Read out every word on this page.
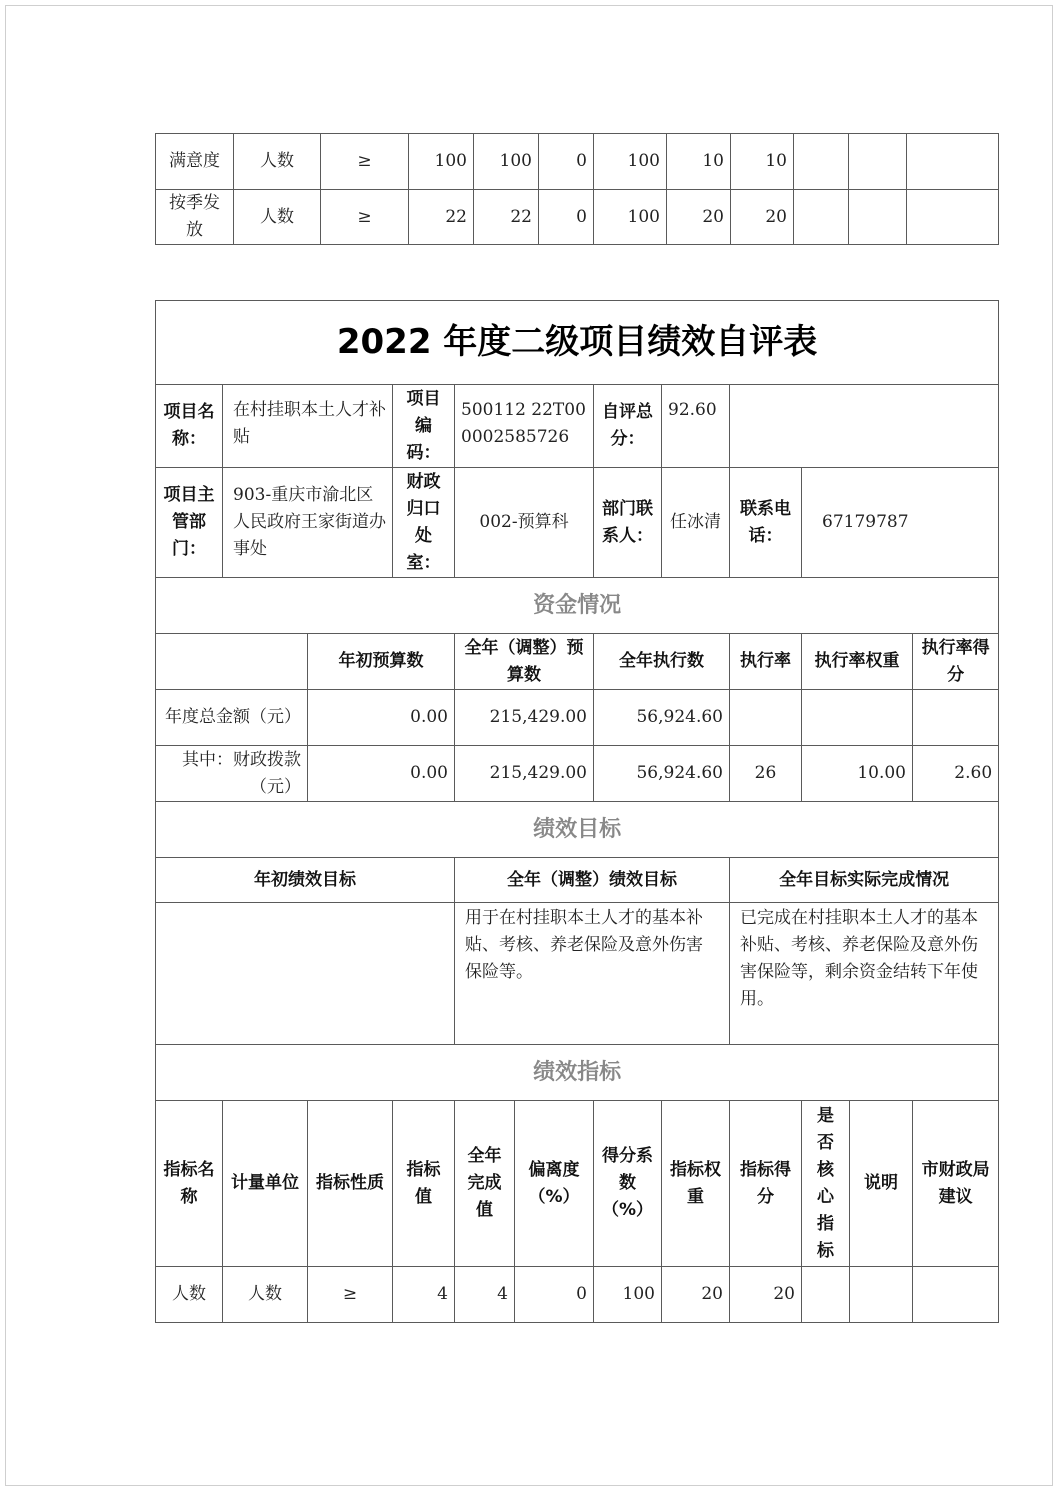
满意度	人数	≥	100	100	0	100	10	10			
按季发放	人数	≥	22	22	0	100	20	20			
2022 年度二级项目绩效自评表											
项目名称：	在村挂职本土人才补贴		项目编码：	500112 22T000002585726		自评总分：	92.60				
项目主管部门：	903-重庆市渝北区人民政府王家街道办事处		财政归口处室：	002-预算科		部门联系人：	任冰清	联系电话：	67179787		
资金情况											
		年初预算数		全年（调整）预算数		全年执行数		执行率	执行率权重		执行率得分
年度总金额（元）		0.00		215,429.00		56,924.60					
其中：财政拨款（元）		0.00		215,429.00		56,924.60		26	10.00		2.60
绩效目标											
年初绩效目标				全年（调整）绩效目标				全年目标实际完成情况			
				用于在村挂职本土人才的基本补贴、考核、养老保险及意外伤害保险等。				已完成在村挂职本土人才的基本补贴、考核、养老保险及意外伤害保险等，剩余资金结转下年使用。			
绩效指标											
指标名称	计量单位	指标性质	指标值	全年完成值	偏离度（%）	得分系数（%）	指标权重	指标得分	是否核心指标	说明	市财政局建议
人数	人数	≥	4	4	0	100	20	20			
